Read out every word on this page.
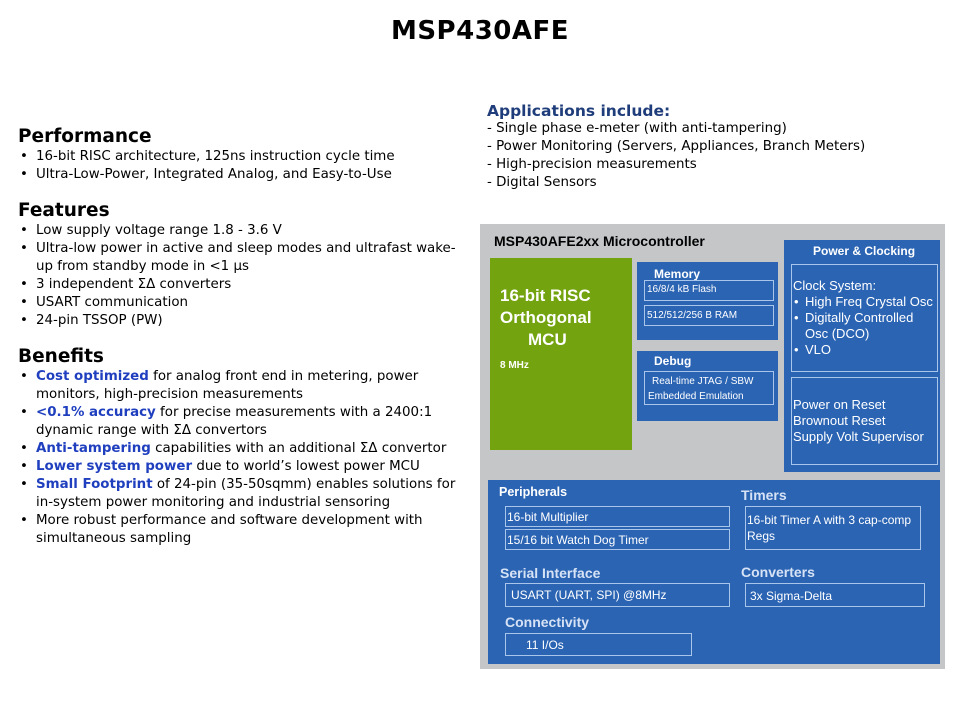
MSP430AFE
Performance
• 16-bit RISC architecture, 125ns instruction cycle time
• Ultra-Low-Power, Integrated Analog, and Easy-to-Use
Features
• Low supply voltage range 1.8 - 3.6 V
• Ultra-low power in active and sleep modes and ultrafast wake-up from standby mode in <1 µs
• 3 independent ΣΔ converters
• USART communication
• 24-pin TSSOP (PW)
Benefits
• Cost optimized for analog front end in metering, power monitors, high-precision measurements
• <0.1% accuracy for precise measurements with a 2400:1 dynamic range with ΣΔ convertors
• Anti-tampering capabilities with an additional ΣΔ convertor
• Lower system power due to world’s lowest power MCU
• Small Footprint of 24-pin (35-50sqmm) enables solutions for in-system power monitoring and industrial sensoring
• More robust performance and software development with simultaneous sampling
Applications include:
- Single phase e-meter (with anti-tampering)
- Power Monitoring (Servers, Appliances, Branch Meters)
- High-precision measurements
- Digital Sensors
MSP430AFE2xx Microcontroller
16-bit RISC
Orthogonal
MCU
8 MHz
Memory
16/8/4 kB Flash
512/512/256 B RAM
Debug
Real-time JTAG / SBW
Embedded Emulation
Power & Clocking
Clock System:
• High Freq Crystal Osc
• Digitally Controlled Osc (DCO)
• VLO
Power on Reset
Brownout Reset
Supply Volt Supervisor
Peripherals
16-bit Multiplier
15/16 bit Watch Dog Timer
Timers
16-bit Timer A with 3 cap-comp Regs
Serial Interface
USART (UART, SPI) @8MHz
Converters
3x Sigma-Delta
Connectivity
11 I/Os
